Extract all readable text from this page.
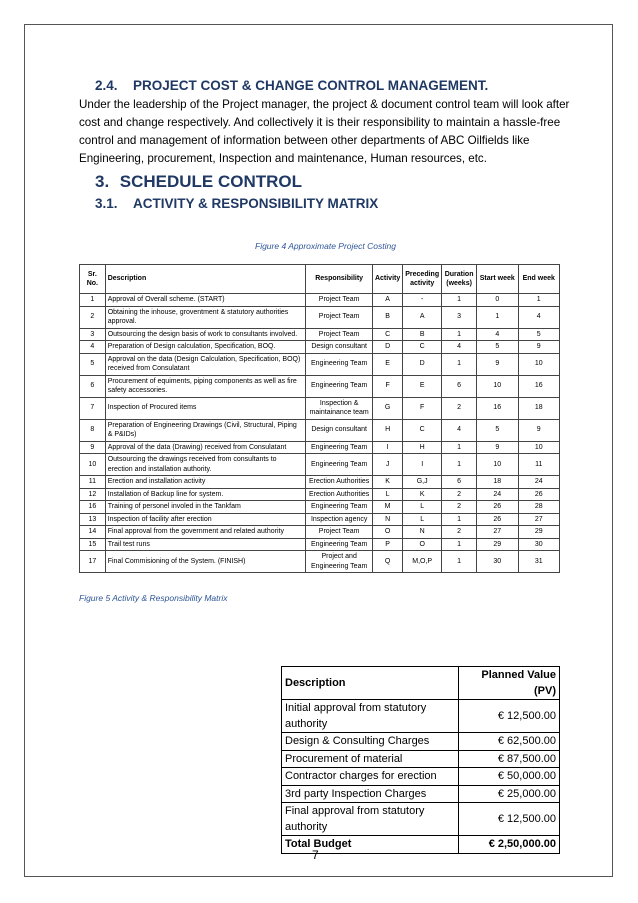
2.4. PROJECT COST & CHANGE CONTROL MANAGEMENT.
Under the leadership of the Project manager, the project & document control team will look after cost and change respectively. And collectively it is their responsibility to maintain a hassle-free control and management of information between other departments of ABC Oilfields like Engineering, procurement, Inspection and maintenance, Human resources, etc.
3. SCHEDULE CONTROL
3.1. ACTIVITY & RESPONSIBILITY MATRIX
Figure 4 Approximate Project Costing
Sr. No.	Description	Responsibility	Activity	Preceding activity	Duration (weeks)	Start week	End week
1	Approval of Overall scheme. (START)	Project Team	A	-	1	0	1
2	Obtaining the inhouse, groventment & statutory authorities approval.	Project Team	B	A	3	1	4
3	Outsourcing the design basis of work to consultants involved.	Project Team	C	B	1	4	5
4	Preparation of Design calculation, Specification, BOQ.	Design consultant	D	C	4	5	9
5	Approval on the data (Design Calculation, Specification, BOQ) received from Consulatant	Engineering Team	E	D	1	9	10
6	Procurement of equiments, piping components as well as fire safety accessories.	Engineering Team	F	E	6	10	16
7	Inspection of Procured items	Inspection & maintainance team	G	F	2	16	18
8	Preparation of Engineering Drawings (Civil, Structural, Piping & P&IDs)	Design consultant	H	C	4	5	9
9	Approval of the data (Drawing) received from Consulatant	Engineering Team	I	H	1	9	10
10	Outsourcing the drawings received from consultants to erection and installation authority.	Engineering Team	J	I	1	10	11
11	Erection and installation activity	Erection Authorities	K	G,J	6	18	24
12	Installation of Backup line for system.	Erection Authorities	L	K	2	24	26
16	Training of personel involed in the Tankfam	Engineering Team	M	L	2	26	28
13	Inspection of facility after erection	Inspection agency	N	L	1	26	27
14	Final approval from the government and related authority	Project Team	O	N	2	27	29
15	Trail test runs	Engineering Team	P	O	1	29	30
17	Final Commisioning of the System. (FINISH)	Project and Engineering Team	Q	M,O,P	1	30	31
Figure 5 Activity & Responsibility Matrix
Description	Planned Value (PV)
Initial approval from statutory authority	€ 12,500.00
Design & Consulting Charges	€ 62,500.00
Procurement of material	€ 87,500.00
Contractor charges for erection	€ 50,000.00
3rd party Inspection Charges	€ 25,000.00
Final approval from statutory authority	€ 12,500.00
Total Budget	€ 2,50,000.00
7
